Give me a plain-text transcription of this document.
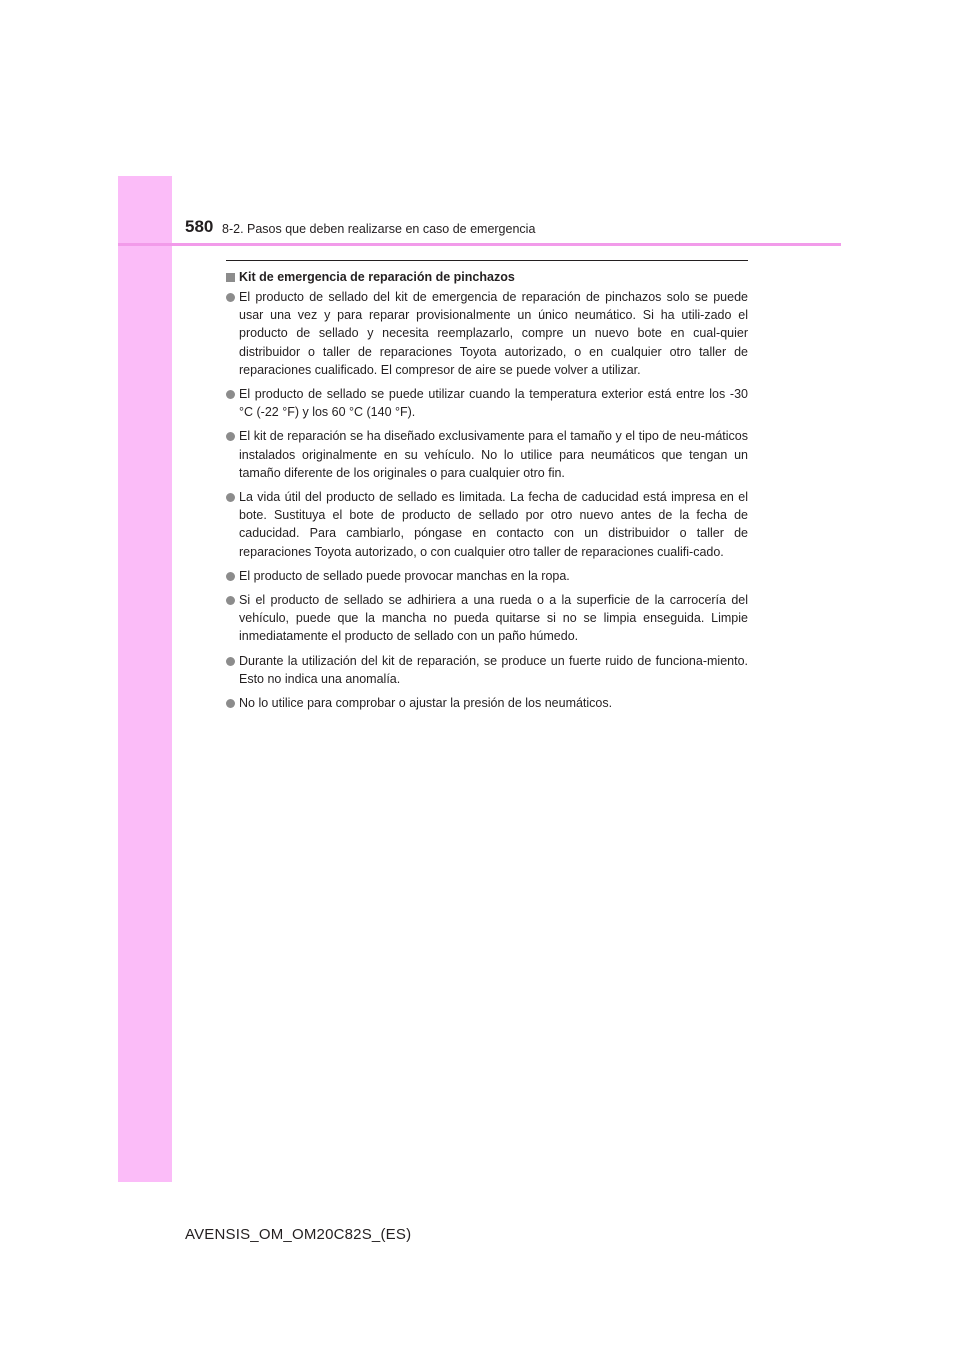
580 8-2. Pasos que deben realizarse en caso de emergencia
Kit de emergencia de reparación de pinchazos
El producto de sellado del kit de emergencia de reparación de pinchazos solo se puede usar una vez y para reparar provisionalmente un único neumático. Si ha utili-zado el producto de sellado y necesita reemplazarlo, compre un nuevo bote en cual-quier distribuidor o taller de reparaciones Toyota autorizado, o en cualquier otro taller de reparaciones cualificado. El compresor de aire se puede volver a utilizar.
El producto de sellado se puede utilizar cuando la temperatura exterior está entre los -30 °C (-22 °F) y los 60 °C (140 °F).
El kit de reparación se ha diseñado exclusivamente para el tamaño y el tipo de neu-máticos instalados originalmente en su vehículo. No lo utilice para neumáticos que tengan un tamaño diferente de los originales o para cualquier otro fin.
La vida útil del producto de sellado es limitada. La fecha de caducidad está impresa en el bote. Sustituya el bote de producto de sellado por otro nuevo antes de la fecha de caducidad. Para cambiarlo, póngase en contacto con un distribuidor o taller de reparaciones Toyota autorizado, o con cualquier otro taller de reparaciones cualifi-cado.
El producto de sellado puede provocar manchas en la ropa.
Si el producto de sellado se adhiriera a una rueda o a la superficie de la carrocería del vehículo, puede que la mancha no pueda quitarse si no se limpia enseguida. Limpie inmediatamente el producto de sellado con un paño húmedo.
Durante la utilización del kit de reparación, se produce un fuerte ruido de funciona-miento. Esto no indica una anomalía.
No lo utilice para comprobar o ajustar la presión de los neumáticos.
AVENSIS_OM_OM20C82S_(ES)
